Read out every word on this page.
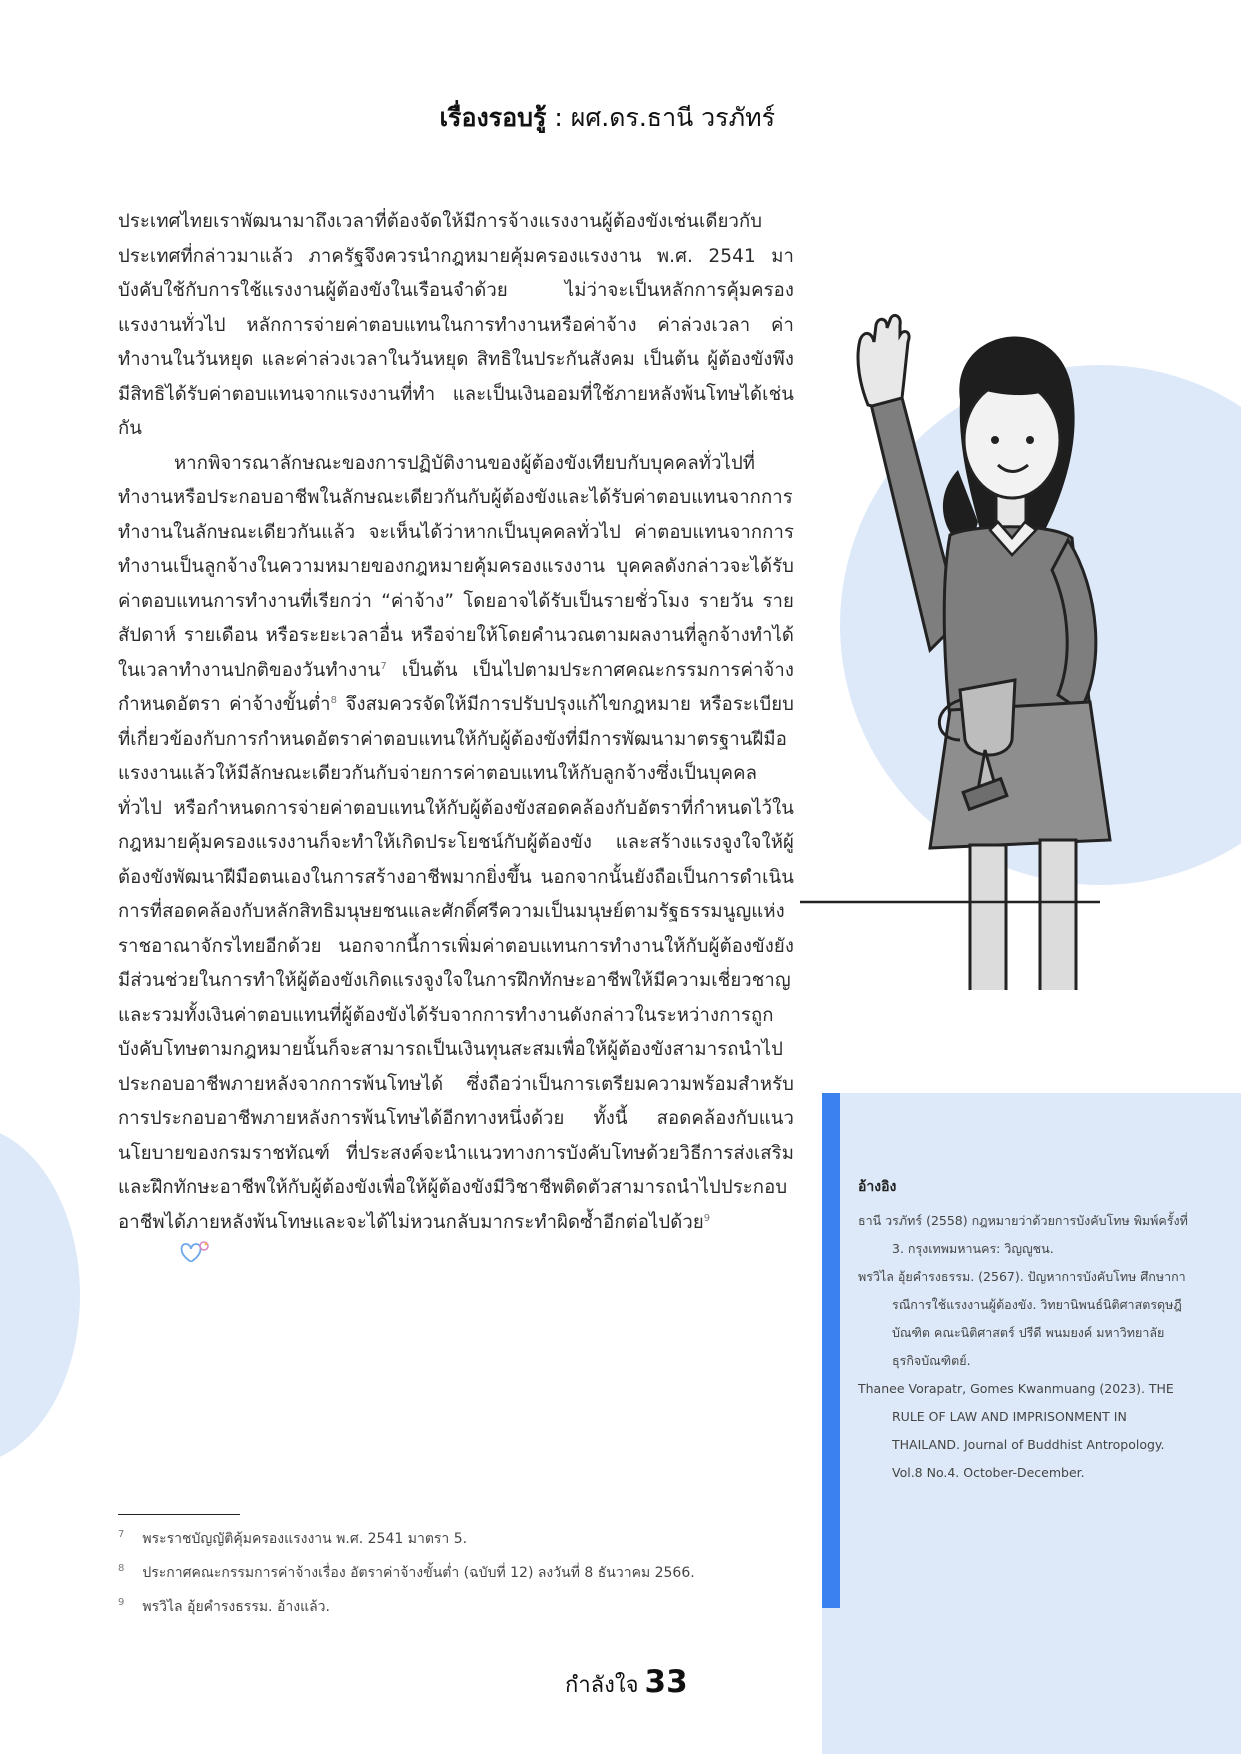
เรื่องรอบรู้ : ผศ.ดร.ธานี วรภัทร์

ประเทศไทยเราพัฒนามาถึงเวลาที่ต้องจัดให้มีการจ้างแรงงานผู้ต้องขังเช่นเดียวกับประเทศที่กล่าวมาแล้ว ภาครัฐจึงควรนำกฎหมายคุ้มครองแรงงาน พ.ศ. 2541 มาบังคับใช้กับการใช้แรงงานผู้ต้องขังในเรือนจำด้วย ไม่ว่าจะเป็นหลักการคุ้มครองแรงงานทั่วไป หลักการจ่ายค่าตอบแทนในการทำงานหรือค่าจ้าง ค่าล่วงเวลา ค่าทำงานในวันหยุด และค่าล่วงเวลาในวันหยุด สิทธิในประกันสังคม เป็นต้น ผู้ต้องขังพึงมีสิทธิได้รับค่าตอบแทนจากแรงงานที่ทำ และเป็นเงินออมที่ใช้ภายหลังพ้นโทษได้เช่นกัน

หากพิจารณาลักษณะของการปฏิบัติงานของผู้ต้องขังเทียบกับบุคคลทั่วไปที่ทำงานหรือประกอบอาชีพในลักษณะเดียวกันกับผู้ต้องขังและได้รับค่าตอบแทนจากการทำงานในลักษณะเดียวกันแล้ว จะเห็นได้ว่าหากเป็นบุคคลทั่วไป ค่าตอบแทนจากการทำงานเป็นลูกจ้างในความหมายของกฎหมายคุ้มครองแรงงาน บุคคลดังกล่าวจะได้รับค่าตอบแทนการทำงานที่เรียกว่า “ค่าจ้าง” โดยอาจได้รับเป็นรายชั่วโมง รายวัน รายสัปดาห์ รายเดือน หรือระยะเวลาอื่น หรือจ่ายให้โดยคำนวณตามผลงานที่ลูกจ้างทำได้ในเวลาทำงานปกติของวันทำงาน$^7$ เป็นต้น เป็นไปตามประกาศคณะกรรมการค่าจ้าง กำหนดอัตรา ค่าจ้างขั้นต่ำ$^8$ จึงสมควรจัดให้มีการปรับปรุงแก้ไขกฎหมาย หรือระเบียบที่เกี่ยวข้องกับการกำหนดอัตราค่าตอบแทนให้กับผู้ต้องขังที่มีการพัฒนามาตรฐานฝีมือแรงงานแล้วให้มีลักษณะเดียวกันกับจ่ายการค่าตอบแทนให้กับลูกจ้างซึ่งเป็นบุคคลทั่วไป หรือกำหนดการจ่ายค่าตอบแทนให้กับผู้ต้องขังสอดคล้องกับอัตราที่กำหนดไว้ในกฎหมายคุ้มครองแรงงานก็จะทำให้เกิดประโยชน์กับผู้ต้องขัง และสร้างแรงจูงใจให้ผู้ต้องขังพัฒนาฝีมือตนเองในการสร้างอาชีพมากยิ่งขึ้น นอกจากนั้นยังถือเป็นการดำเนินการที่สอดคล้องกับหลักสิทธิมนุษยชนและศักดิ์ศรีความเป็นมนุษย์ตามรัฐธรรมนูญแห่งราชอาณาจักรไทยอีกด้วย นอกจากนี้การเพิ่มค่าตอบแทนการทำงานให้กับผู้ต้องขังยังมีส่วนช่วยในการทำให้ผู้ต้องขังเกิดแรงจูงใจในการฝึกทักษะอาชีพให้มีความเชี่ยวชาญและรวมทั้งเงินค่าตอบแทนที่ผู้ต้องขังได้รับจากการทำงานดังกล่าวในระหว่างการถูกบังคับโทษตามกฎหมายนั้นก็จะสามารถเป็นเงินทุนสะสมเพื่อให้ผู้ต้องขังสามารถนำไปประกอบอาชีพภายหลังจากการพ้นโทษได้ ซึ่งถือว่าเป็นการเตรียมความพร้อมสำหรับการประกอบอาชีพภายหลังการพ้นโทษได้อีกทางหนึ่งด้วย ทั้งนี้ สอดคล้องกับแนวนโยบายของกรมราชทัณฑ์ ที่ประสงค์จะนำแนวทางการบังคับโทษด้วยวิธีการส่งเสริมและฝึกทักษะอาชีพให้กับผู้ต้องขังเพื่อให้ผู้ต้องขังมีวิชาชีพติดตัวสามารถนำไปประกอบอาชีพได้ภายหลังพ้นโทษและจะได้ไม่หวนกลับมากระทำผิดซ้ำอีกต่อไปด้วย$^9$

$^7$ พระราชบัญญัติคุ้มครองแรงงาน พ.ศ. 2541 มาตรา 5.
$^8$ ประกาศคณะกรรมการค่าจ้างเรื่อง อัตราค่าจ้างขั้นต่ำ (ฉบับที่ 12) ลงวันที่ 8 ธันวาคม 2566.
$^9$ พรวิไล อุ้ยคำรงธรรม. อ้างแล้ว.
อ้างอิง
ธานี วรภัทร์ (2558) กฎหมายว่าด้วยการบังคับโทษ พิมพ์ครั้งที่ 3. กรุงเทพมหานคร: วิญญูชน.
พรวิไล อุ้ยคำรงธรรม. (2567). ปัญหาการบังคับโทษ ศึกษาการณีการใช้แรงงานผู้ต้องขัง. วิทยานิพนธ์นิติศาสตรดุษฎีบัณฑิต คณะนิติศาสตร์ ปรีดี พนมยงค์ มหาวิทยาลัยธุรกิจบัณฑิตย์.
Thanee Vorapatr, Gomes Kwanmuang (2023). THE RULE OF LAW AND IMPRISONMENT IN THAILAND. Journal of Buddhist Antropology. Vol.8 No.4. October-December.
กำลังใจ 33
